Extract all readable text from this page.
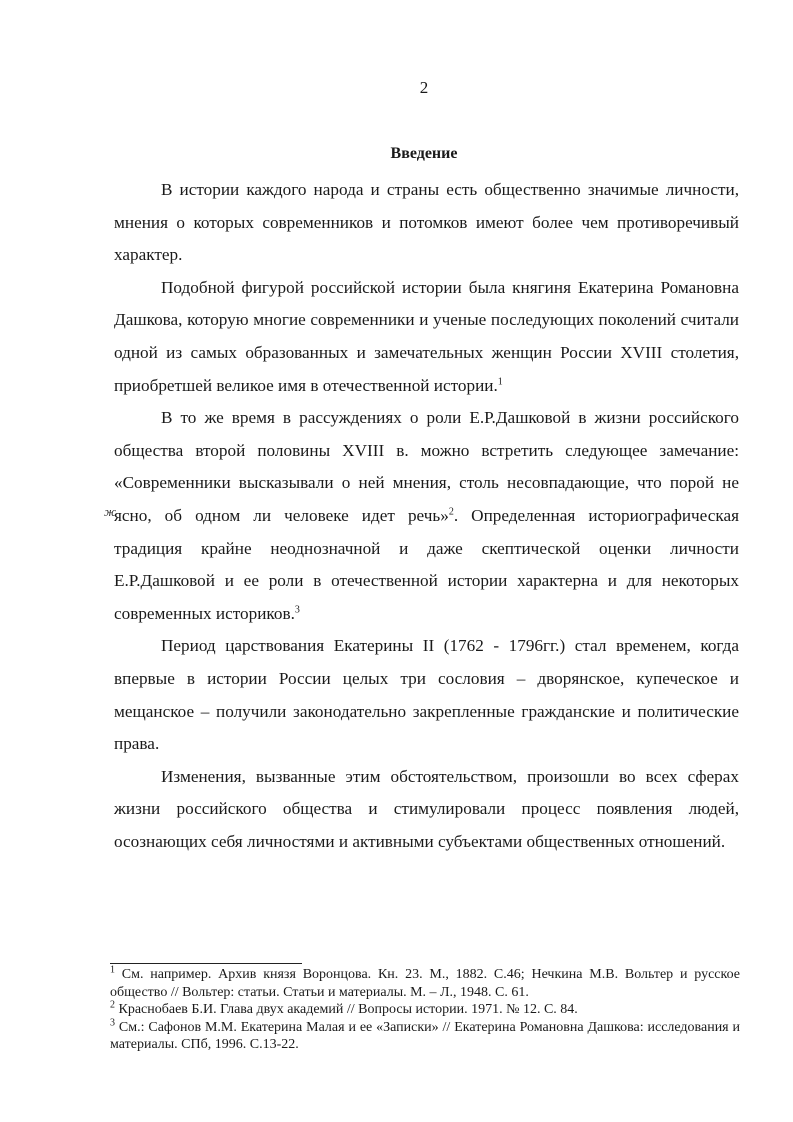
2
Введение

В истории каждого народа и страны есть общественно значимые личности, мнения о которых современников и потомков имеют более чем противоречивый характер.

Подобной фигурой российской истории была княгиня Екатерина Романовна Дашкова, которую многие современники и ученые последующих поколений считали одной из самых образованных и замечательных женщин России XVIII столетия, приобретшей великое имя в отечественной истории.$^1$

В то же время в рассуждениях о роли Е.Р.Дашковой в жизни российского общества второй половины XVIII в. можно встретить следующее замечание: «Современники высказывали о ней мнения, столь несовпадающие, что порой не ясно, об одном ли человеке идет речь»$^2$. Определенная историографическая традиция крайне неоднозначной и даже скептической оценки личности Е.Р.Дашковой и ее роли в отечественной истории характерна и для некоторых современных историков.$^3$

Период царствования Екатерины II (1762 - 1796гг.) стал временем, когда впервые в истории России целых три сословия – дворянское, купеческое и мещанское – получили законодательно закрепленные гражданские и политические права.

Изменения, вызванные этим обстоятельством, произошли во всех сферах жизни российского общества и стимулировали процесс появления людей, осознающих себя личностями и активными субъектами общественных отношений.

ж

$^1$ См. например. Архив князя Воронцова. Кн. 23. М., 1882. С.46; Нечкина М.В. Вольтер и русское общество // Вольтер: статьи. Статьи и материалы. М. – Л., 1948. С. 61.

$^2$ Краснобаев Б.И. Глава двух академий // Вопросы истории. 1971. № 12. С. 84.

$^3$ См.: Сафонов М.М. Екатерина Малая и ее «Записки» // Екатерина Романовна Дашкова: исследования и материалы. СПб, 1996. С.13-22.
